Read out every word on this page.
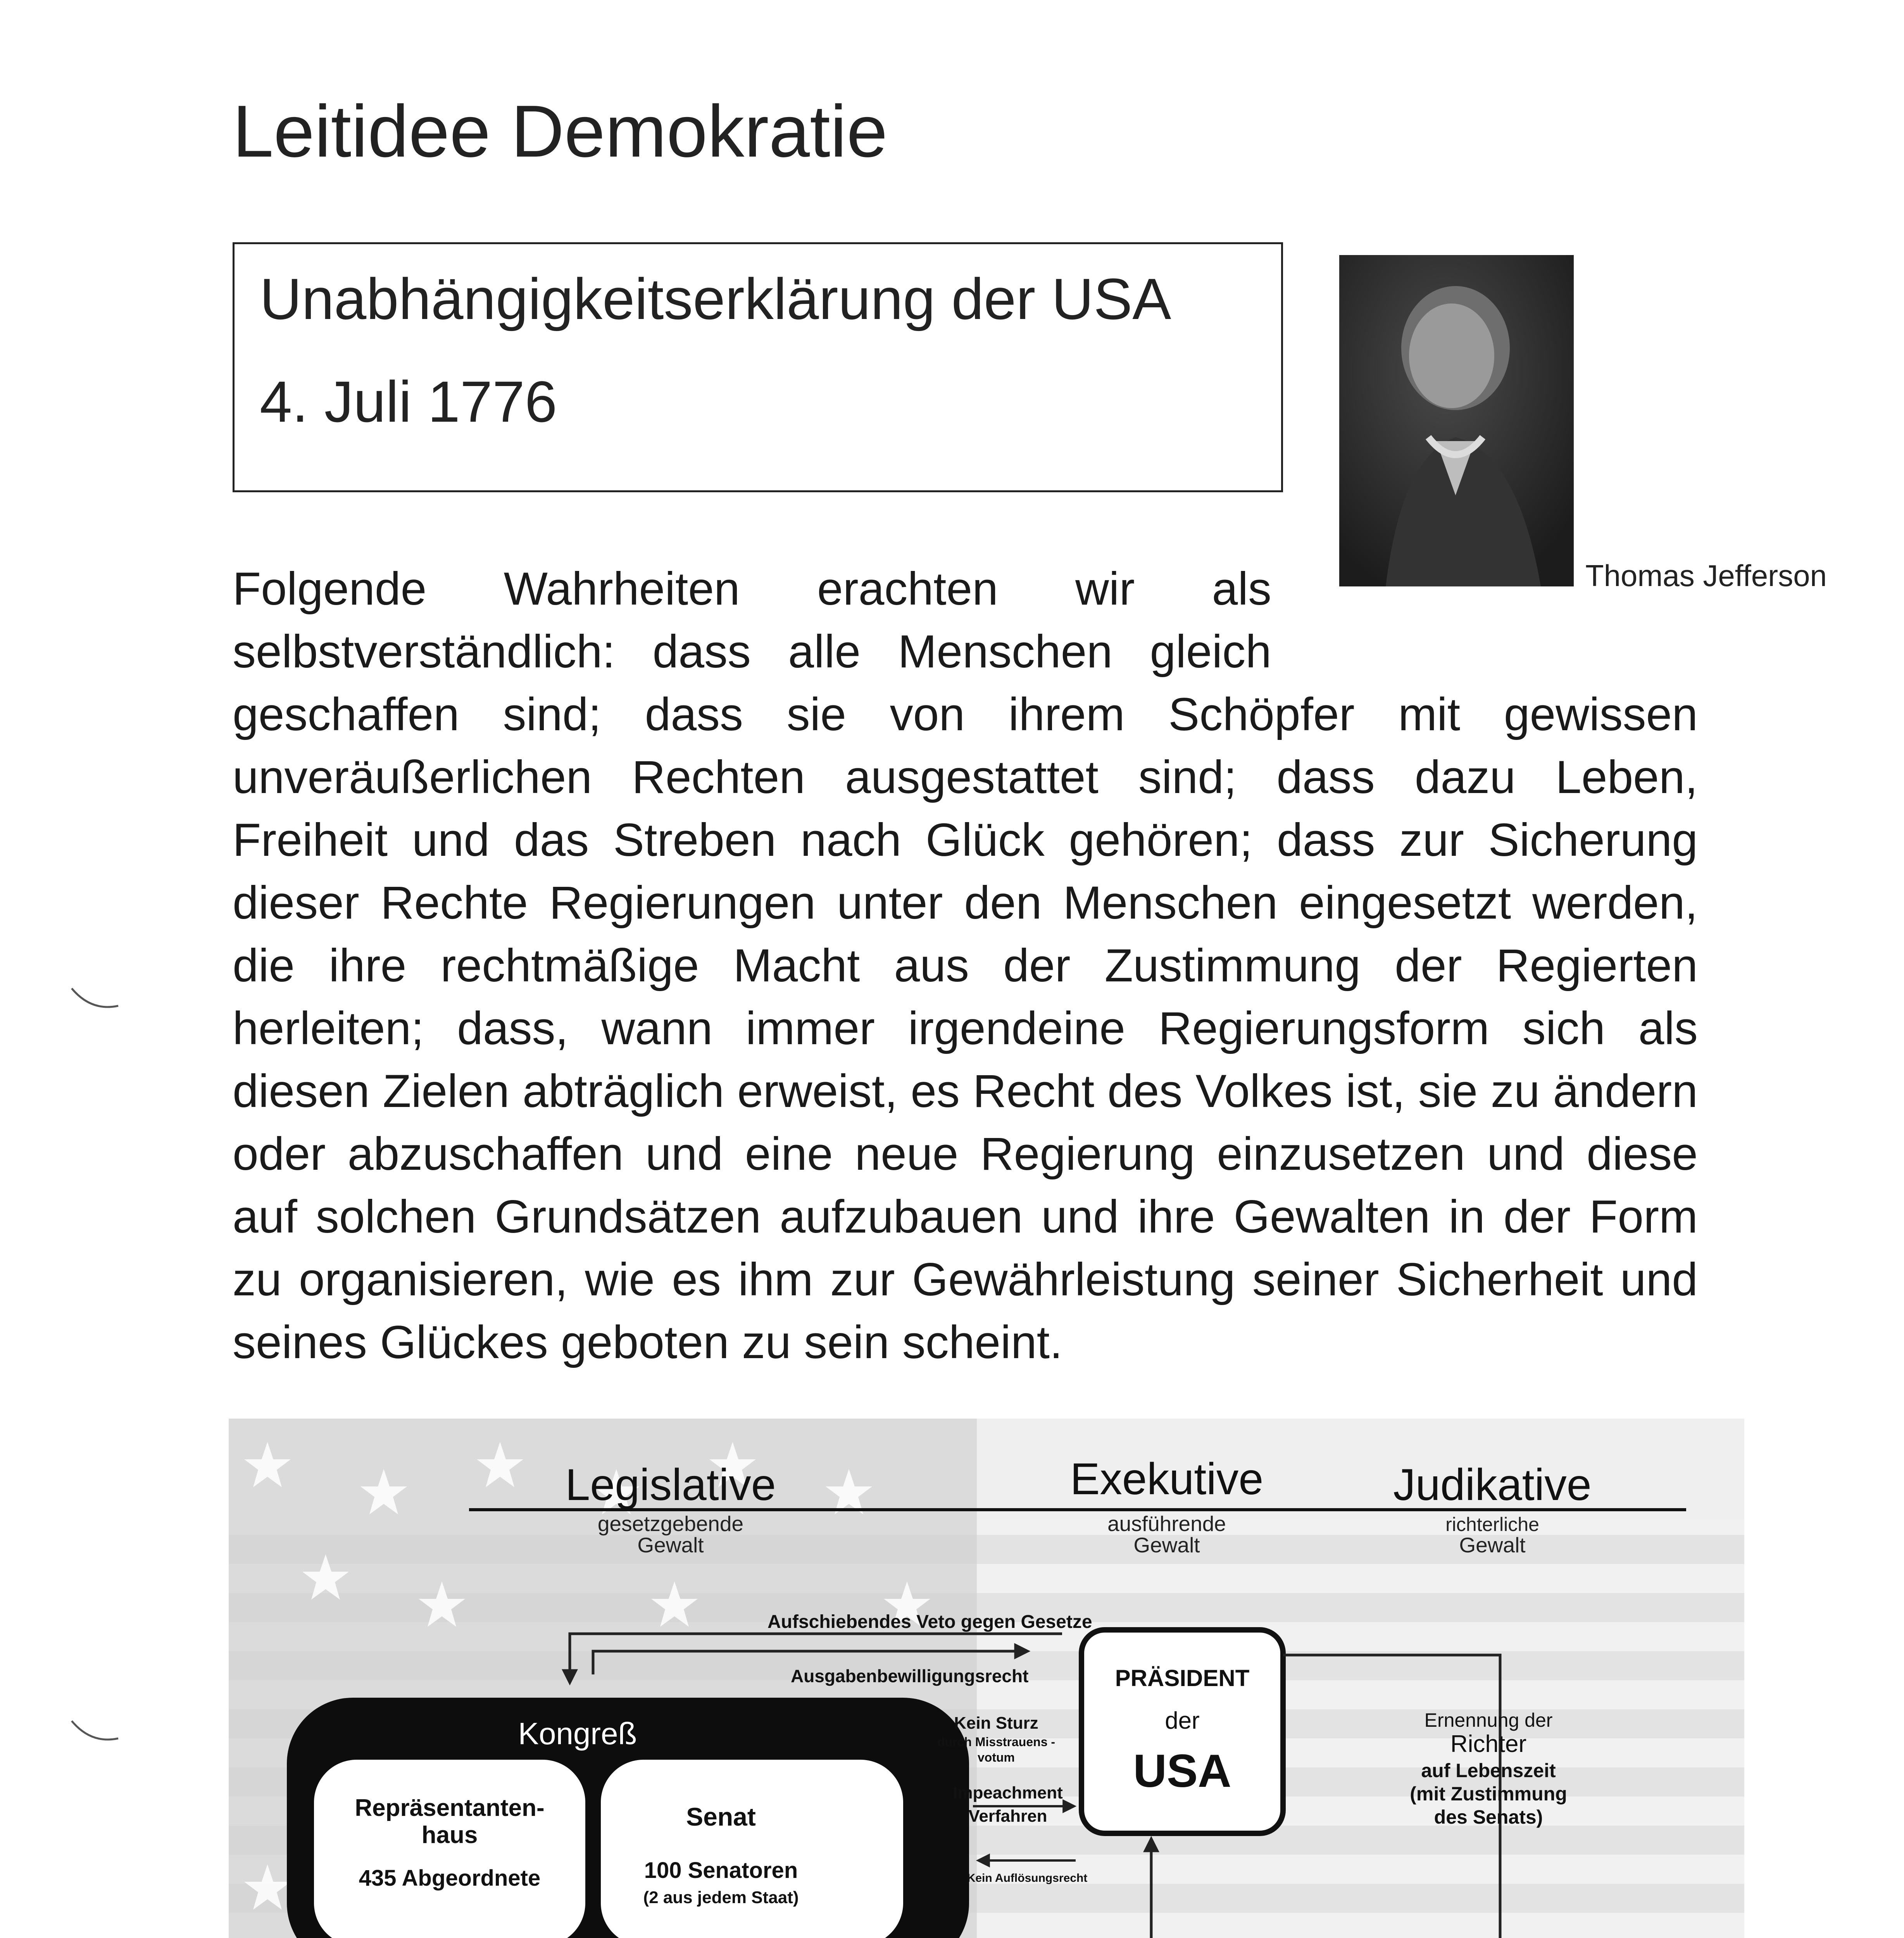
Leitidee Demokratie
Unabhängigkeitserklärung der USA
4. Juli 1776
Thomas Jefferson
Folgende Wahrheiten erachten wir als
selbstverständlich: dass alle Menschen gleich
geschaffen sind; dass sie von ihrem Schöpfer mit gewissen unveräußerlichen Rechten ausgestattet sind; dass dazu Leben, Freiheit und das Streben nach Glück gehören; dass zur Sicherung dieser Rechte Regierungen unter den Menschen eingesetzt werden, die ihre rechtmäßige Macht aus der Zustimmung der Regierten herleiten; dass, wann immer irgendeine Regierungsform sich als diesen Zielen abträglich erweist, es Recht des Volkes ist, sie zu ändern oder abzuschaffen und eine neue Regierung einzusetzen und diese auf solchen Grundsätzen aufzubauen und ihre Gewalten in der Form zu organisieren, wie es ihm zur Gewährleistung seiner Sicherheit und seines Glückes geboten zu sein scheint.
Legislative
gesetzgebende
Gewalt
Exekutive
ausführende
Gewalt
Judikative
richterliche
Gewalt
Aufschiebendes Veto gegen Gesetze
Ausgabenbewilligungsrecht
Kongreß
Repräsentanten-
haus
435 Abgeordnete
Senat
100 Senatoren
(2 aus jedem Staat)
Kein Sturz
durch Misstrauens -
votum
Impeachment
Verfahren
Kein Auflösungsrecht
PRÄSIDENT
der
USA
Ernennung der
Richter
auf Lebenszeit
(mit Zustimmung
des Senats)
